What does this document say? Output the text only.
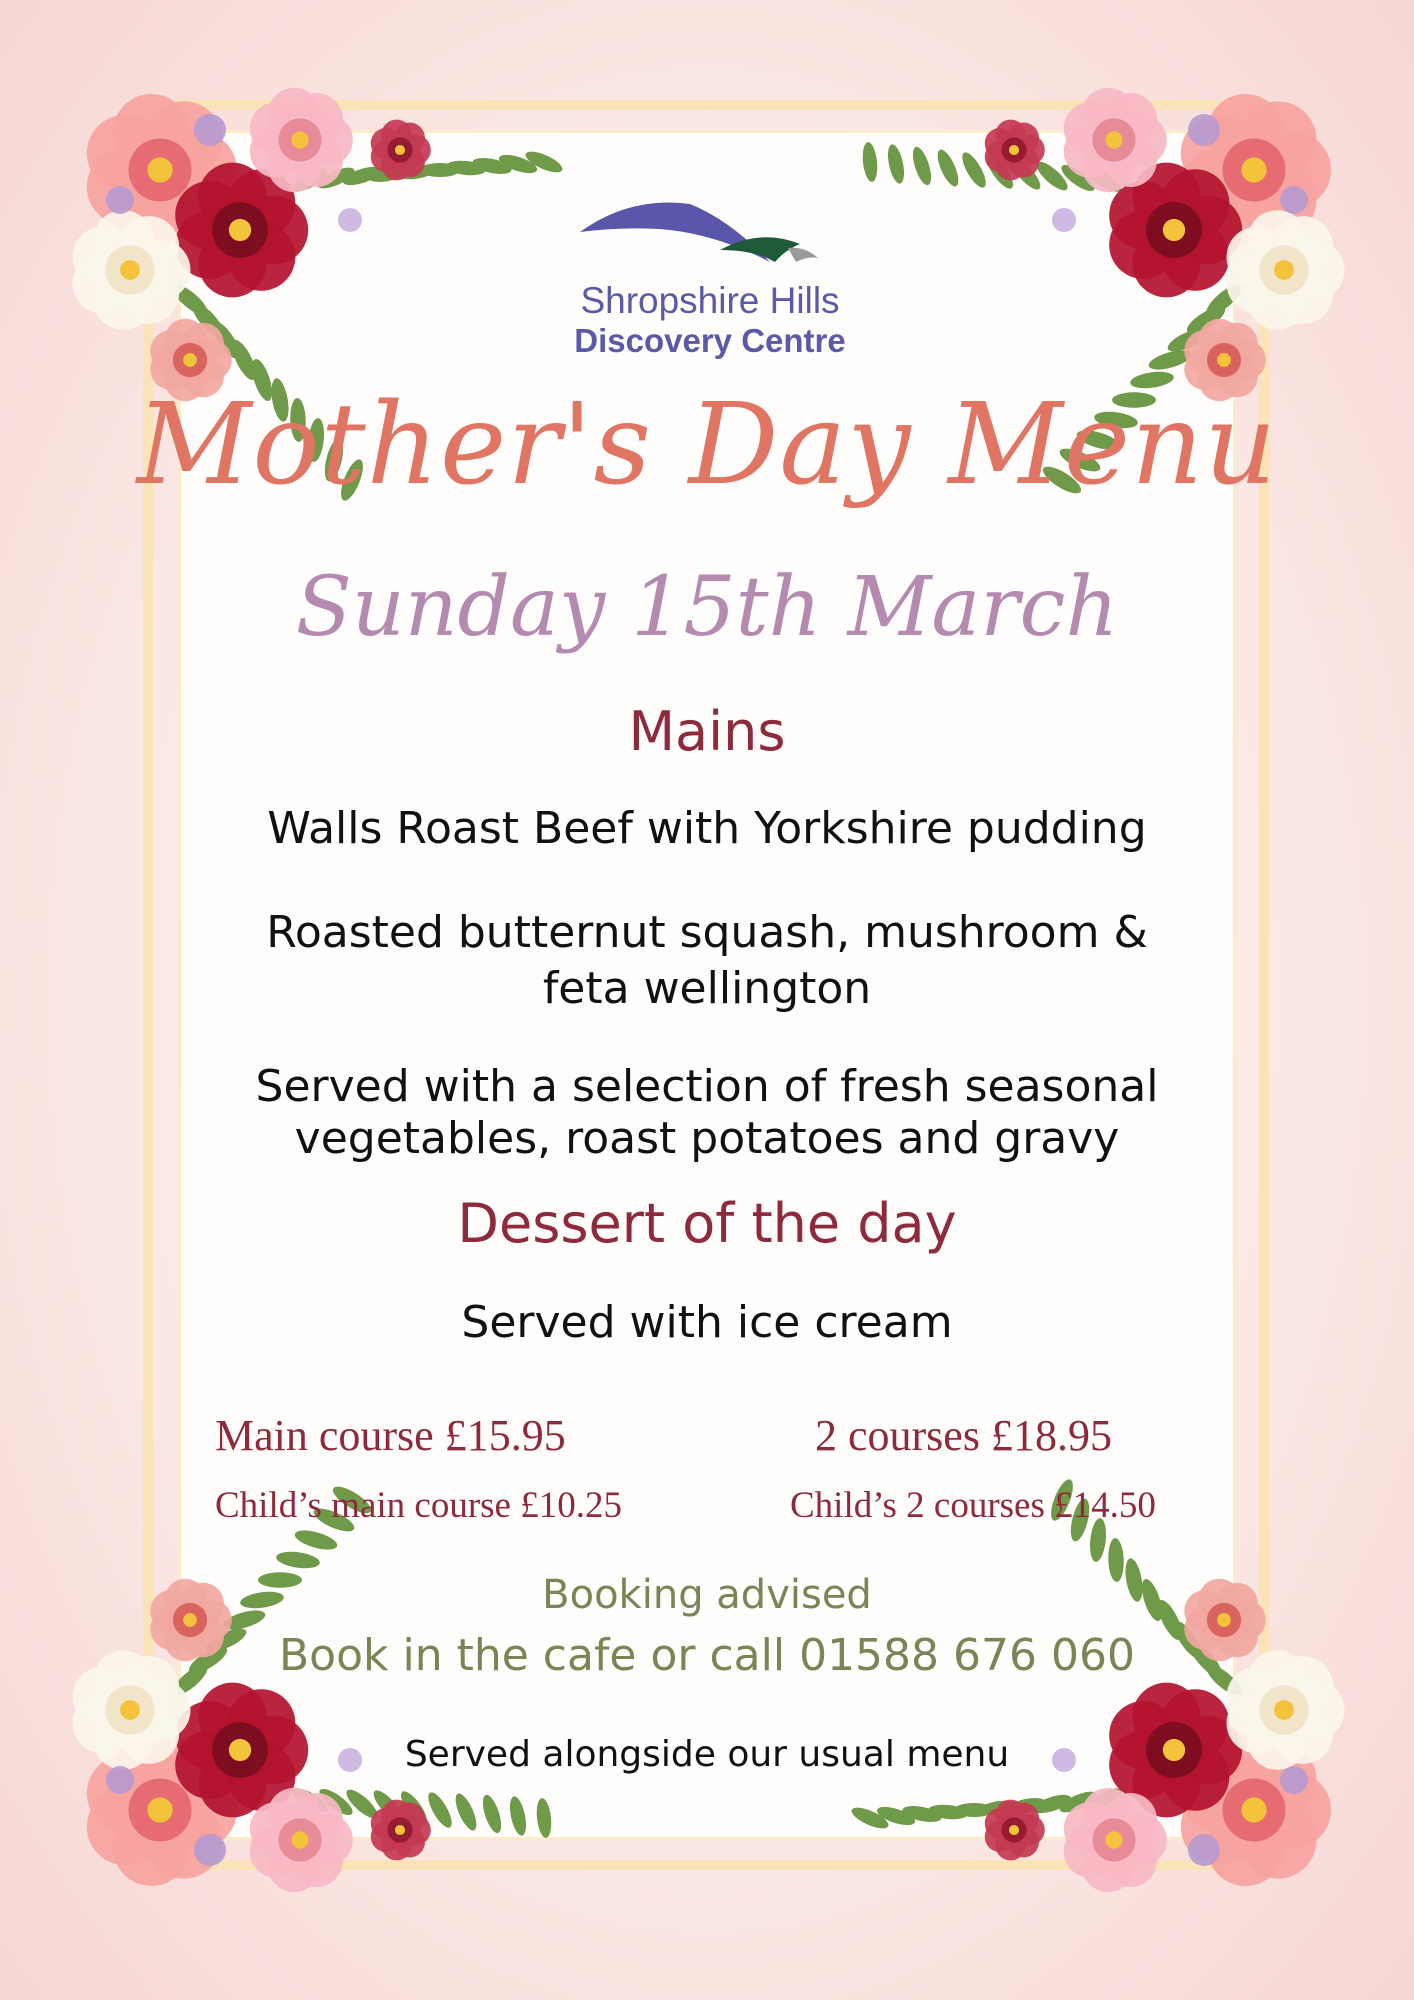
Shropshire Hills
Discovery Centre
Mother's Day Menu
Sunday 15th March
Mains
Walls Roast Beef with Yorkshire pudding
Roasted butternut squash, mushroom &
feta wellington
Served with a selection of fresh seasonal
vegetables, roast potatoes and gravy
Dessert of the day
Served with ice cream
Main course £15.95	2 courses £18.95
Child’s main course £10.25	Child’s 2 courses £14.50
Booking advised
Book in the cafe or call 01588 676 060
Served alongside our usual menu
